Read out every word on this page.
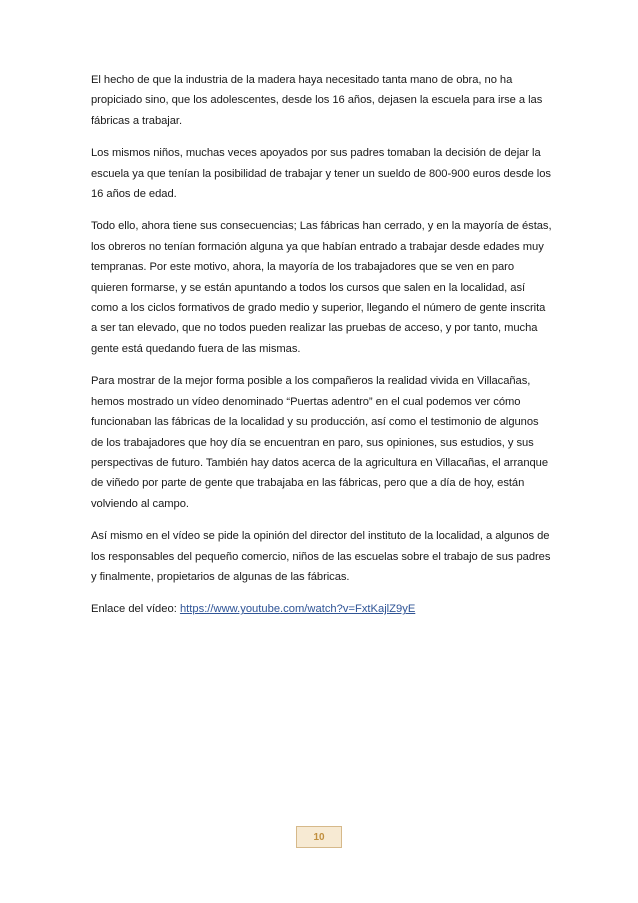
El hecho de que la industria de la madera haya necesitado tanta mano de obra, no ha propiciado sino, que los adolescentes, desde los 16 años, dejasen la escuela para irse a las fábricas a trabajar.

Los mismos niños, muchas veces apoyados por sus padres tomaban la decisión de dejar la escuela ya que tenían la posibilidad de trabajar y tener un sueldo de 800-900 euros desde los 16 años de edad.

Todo ello, ahora tiene sus consecuencias; Las fábricas han cerrado, y en la mayoría de éstas, los obreros no tenían formación alguna ya que habían entrado a trabajar desde edades muy tempranas. Por este motivo, ahora, la mayoría de los trabajadores que se ven en paro quieren formarse, y se están apuntando a todos los cursos que salen en la localidad, así como a los ciclos formativos de grado medio y superior, llegando el número de gente inscrita a ser tan elevado, que no todos pueden realizar las pruebas de acceso, y por tanto, mucha gente está quedando fuera de las mismas.

Para mostrar de la mejor forma posible a los compañeros la realidad vivida en Villacañas, hemos mostrado un vídeo denominado “Puertas adentro” en el cual podemos ver cómo funcionaban las fábricas de la localidad y su producción, así como el testimonio de algunos de los trabajadores que hoy día se encuentran en paro, sus opiniones, sus estudios, y sus perspectivas de futuro. También hay datos acerca de la agricultura en Villacañas, el arranque de viñedo por parte de gente que trabajaba en las fábricas, pero que a día de hoy, están volviendo al campo.

Así mismo en el vídeo se pide la opinión del director del instituto de la localidad, a algunos de los responsables del pequeño comercio, niños de las escuelas sobre el trabajo de sus padres y finalmente, propietarios de algunas de las fábricas.

Enlace del vídeo: https://www.youtube.com/watch?v=FxtKajlZ9yE

10
